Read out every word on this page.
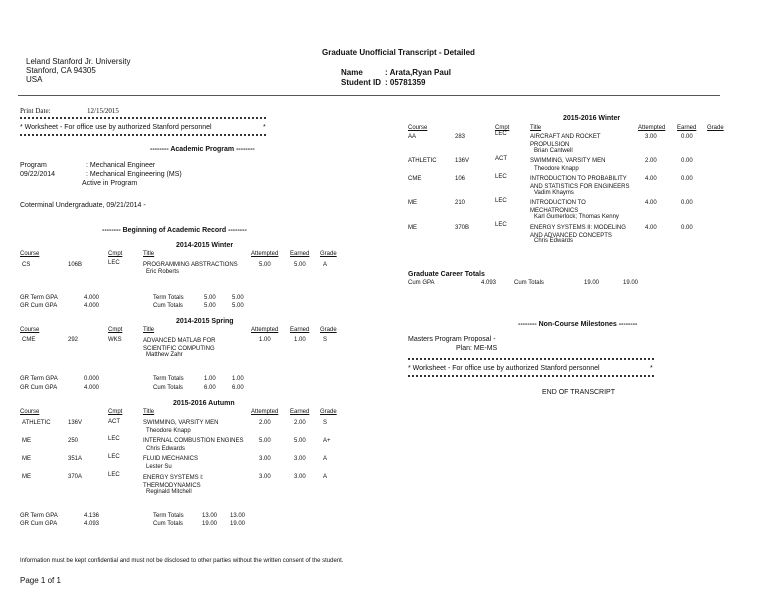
Leland Stanford Jr. University
Stanford, CA 94305
USA
Graduate Unofficial Transcript - Detailed
Name	: Arata,Ryan Paul
Student ID : 05781359
Print Date:	12/15/2015
* Worksheet - For office use by authorized Stanford personnel	*
-------- Academic Program --------
Program	: Mechanical Engineer
09/22/2014	: Mechanical Engineering (MS)
Active in Program
Coterminal Undergraduate, 09/21/2014 -
-------- Beginning of Academic Record --------
2014-2015 Winter
Course	Cmpt	Title	Attempted Earned Grade
CS	106B	LEC	PROGRAMMING ABSTRACTIONS
Eric Roberts
5.00	5.00	A
GR Term GPA	4.000	Term Totals	5.00	5.00
GR Cum GPA	4.000	Cum Totals	5.00	5.00
2014-2015 Spring
Course	Cmpt	Title	Attempted Earned Grade
CME	292	WKS	ADVANCED MATLAB FOR SCIENTIFIC COMPUTING
Matthew Zahr
1.00	1.00	S
GR Term GPA	0.000	Term Totals	1.00	1.00
GR Cum GPA	4.000	Cum Totals	6.00	6.00
2015-2016 Autumn
Course	Cmpt	Title	Attempted Earned Grade
ATHLETIC	136V	ACT	SWIMMING, VARSITY MEN
Theodore Knapp
2.00	2.00	S
ME	250	LEC	INTERNAL COMBUSTION ENGINES
Chris Edwards
5.00	5.00	A+
ME	351A	LEC	FLUID MECHANICS
Lester Su
3.00	3.00	A
ME	370A	LEC	ENERGY SYSTEMS I: THERMODYNAMICS
Reginald Mitchell
3.00	3.00	A
GR Term GPA	4.136	Term Totals	13.00 13.00
GR Cum GPA	4.093	Cum Totals	19.00 19.00
2015-2016 Winter
Course	Cmpt	Title	Attempted Earned Grade
AA	283	LEC	AIRCRAFT AND ROCKET PROPULSION
Brian Cantwell
3.00	0.00
ATHLETIC	136V	ACT	SWIMMING, VARSITY MEN
Theodore Knapp
2.00	0.00
CME	106	LEC	INTRODUCTION TO PROBABILITY AND STATISTICS FOR ENGINEERS
Vadim Khayms
4.00	0.00
ME	210	LEC	INTRODUCTION TO MECHATRONICS
Karl Gumerlock; Thomas Kenny
4.00	0.00
ME	370B	LEC	ENERGY SYSTEMS II: MODELING AND ADVANCED CONCEPTS
Chris Edwards
4.00	0.00
Graduate Career Totals
Cum GPA	4.093	Cum Totals	19.00	19.00
-------- Non-Course Milestones --------
Masters Program Proposal -
Plan: ME-MS
* Worksheet - For office use by authorized Stanford personnel	*
END OF TRANSCRIPT
Information must be kept confidential and must not be disclosed to other parties without the written consent of the student.
Page 1 of 1
